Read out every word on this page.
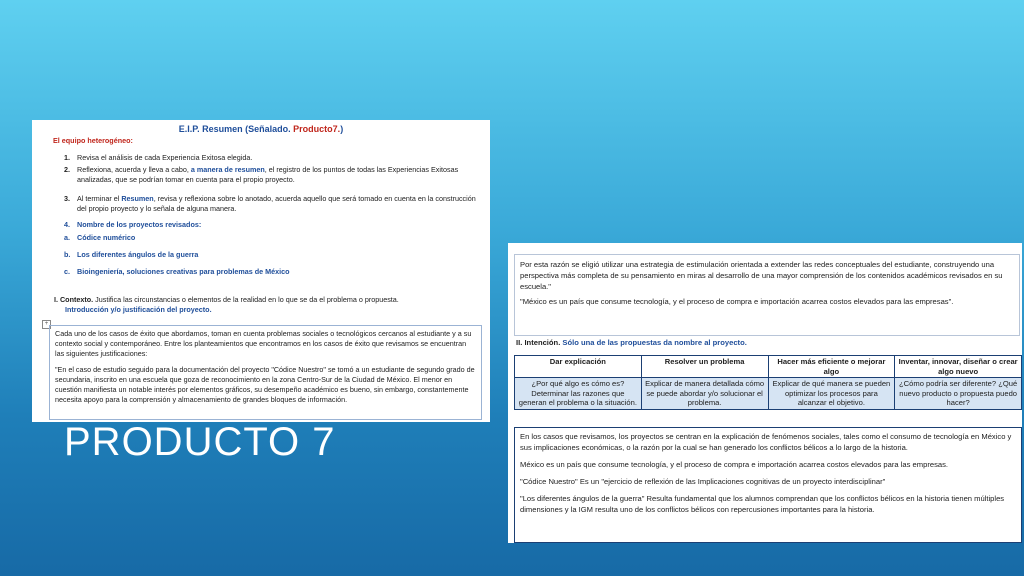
E.I.P. Resumen (Señalado. Producto7.)
El equipo heterogéneo:
1. Revisa el análisis de cada Experiencia Exitosa elegida.
2. Reflexiona, acuerda y lleva a cabo, a manera de resumen, el registro de los puntos de todas las Experiencias Exitosas analizadas, que se podrían tomar en cuenta para el propio proyecto.
3. Al terminar el Resumen, revisa y reflexiona sobre lo anotado, acuerda aquello que será tomado en cuenta en la construcción del propio proyecto y lo señala de alguna manera.
4. Nombre de los proyectos revisados:
a. Códice numérico
b. Los diferentes ángulos de la guerra
c. Bioingeniería, soluciones creativas para problemas de México
I. Contexto. Justifica las circunstancias o elementos de la realidad en lo que se da el problema o propuesta.
Introducción y/o justificación del proyecto.
+

Cada uno de los casos de éxito que abordamos, toman en cuenta problemas sociales o tecnológicos cercanos al estudiante y a su contexto social y contemporáneo. Entre los planteamientos que encontramos en los casos de éxito que revisamos se encuentran las siguientes justificaciones:

"En el caso de estudio seguido para la documentación del proyecto "Códice Nuestro" se tomó a un estudiante de segundo grado de secundaria, inscrito en una escuela que goza de reconocimiento en la zona Centro-Sur de la Ciudad de México. El menor en cuestión manifiesta un notable interés por elementos gráficos, su desempeño académico es bueno, sin embargo, constantemente necesita apoyo para la comprensión y almacenamiento de grandes bloques de información.

PRODUCTO 7

Por esta razón se eligió utilizar una estrategia de estimulación orientada a extender las redes conceptuales del estudiante, construyendo una perspectiva más completa de su pensamiento en miras al desarrollo de una mayor comprensión de los contenidos académicos revisados en su escuela."

"México es un país que consume tecnología, y el proceso de compra e importación acarrea costos elevados para las empresas".

II. Intención. Sólo una de las propuestas da nombre al proyecto.
Dar explicación	Resolver un problema	Hacer más eficiente o mejorar algo	Inventar, innovar, diseñar o crear algo nuevo
¿Por qué algo es cómo es? Determinar las razones que generan el problema o la situación.	Explicar de manera detallada cómo se puede abordar y/o solucionar el problema.	Explicar de qué manera se pueden optimizar los procesos para alcanzar el objetivo.	¿Cómo podría ser diferente? ¿Qué nuevo producto o propuesta puedo hacer?

En los casos que revisamos, los proyectos se centran en la explicación de fenómenos sociales, tales como el consumo de tecnología en México y sus implicaciones económicas, o la razón por la cual se han generado los conflictos bélicos a lo largo de la historia.

México es un país que consume tecnología, y el proceso de compra e importación acarrea costos elevados para las empresas.

"Códice Nuestro" Es un "ejercicio de reflexión de las Implicaciones cognitivas de un proyecto interdisciplinar"

"Los diferentes ángulos de la guerra" Resulta fundamental que los alumnos comprendan que los conflictos bélicos en la historia tienen múltiples dimensiones y la IGM resulta uno de los conflictos bélicos con repercusiones importantes para la historia.
